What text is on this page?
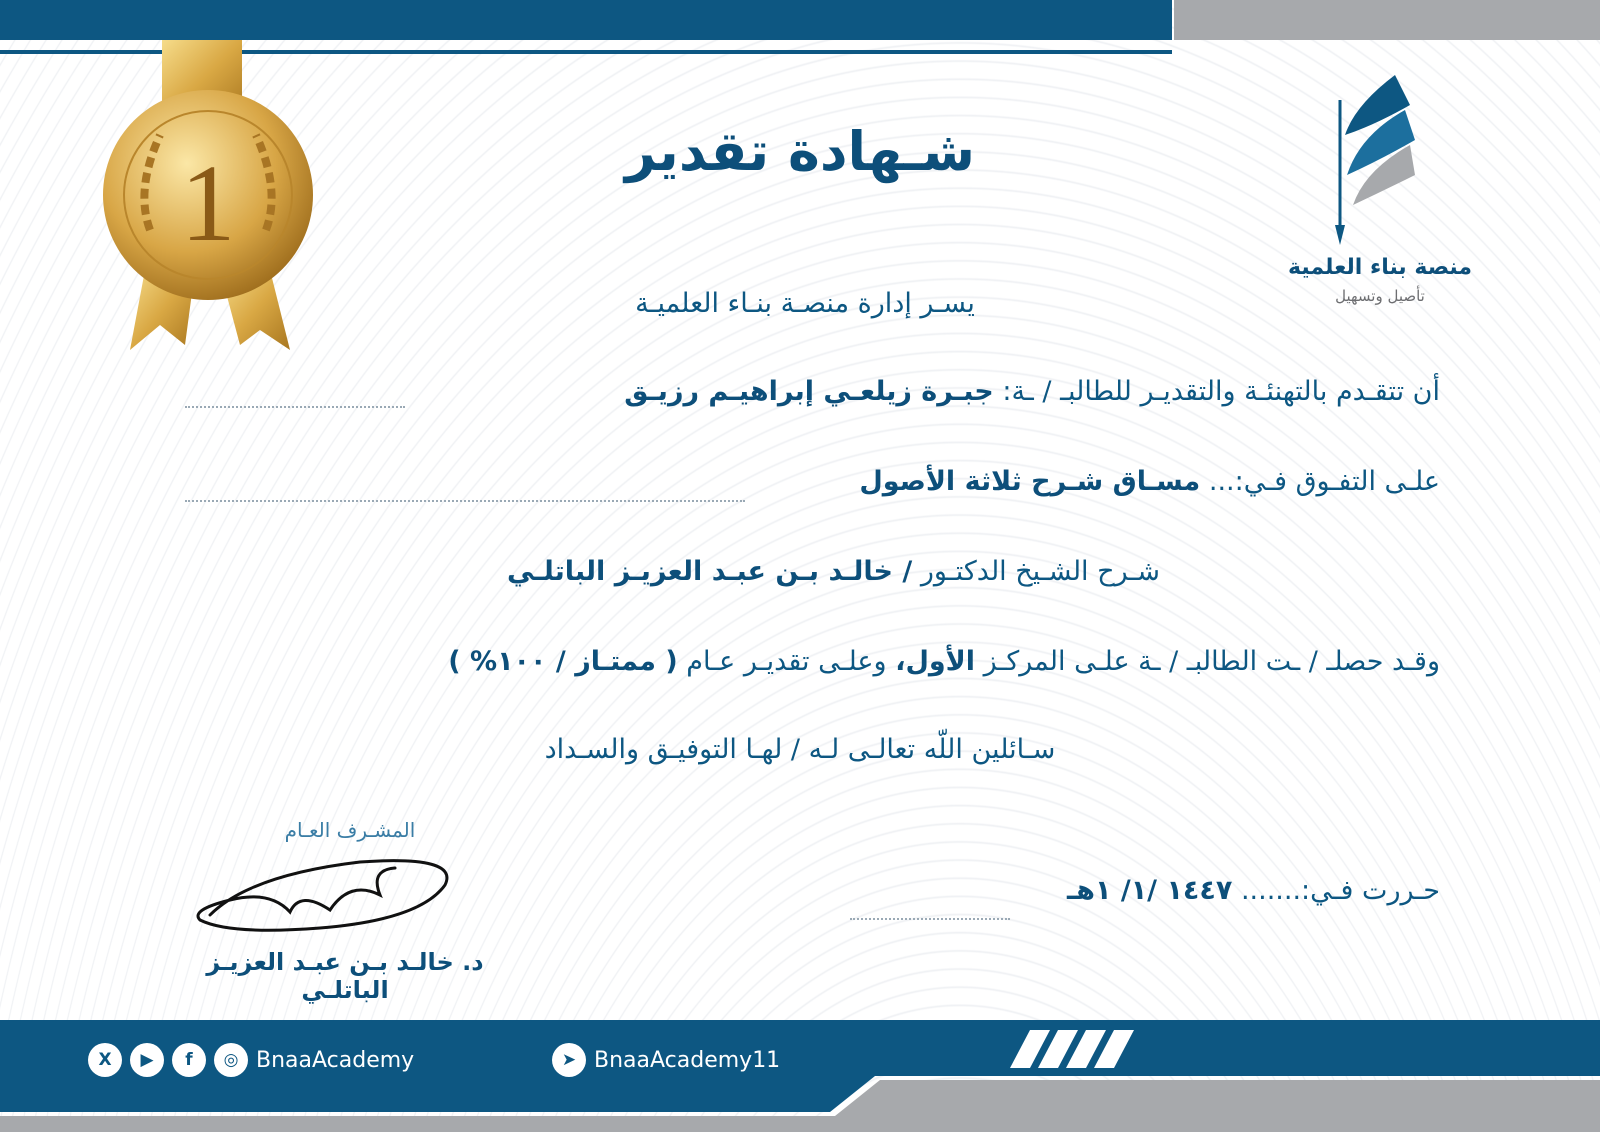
1
منصة بناء العلمية
تأصيل وتسهيل
شـهادة تقدير
يسـر إدارة منصـة بنـاء العلميـة
أن تتقـدم بالتهنئـة والتقديـر للطالبـ / ـة: جبـرة زيلعـي إبراهيـم رزيـق
علـى التفـوق فـي:... مسـاق شـرح ثلاثة الأصول
شـرح الشـيخ الدكتـور / خالـد بـن عبـد العزيـز الباتلـي
وقـد حصلـ / ـت الطالبـ / ـة علـى المركـز الأول، وعلـى تقديـر عـام ( ممتـاز / ١٠٠% )
سـائلين اللّه تعالـى لـه / لهـا التوفيـق والسـداد
حـررت فـي:....... ١٤٤٧ /١/ ١هـ
المشـرف العـام
د. خالـد بـن عبـد العزيـز الباتلـي
➤ BnaaAcademy11
X	▶	f	◎ BnaaAcademy
